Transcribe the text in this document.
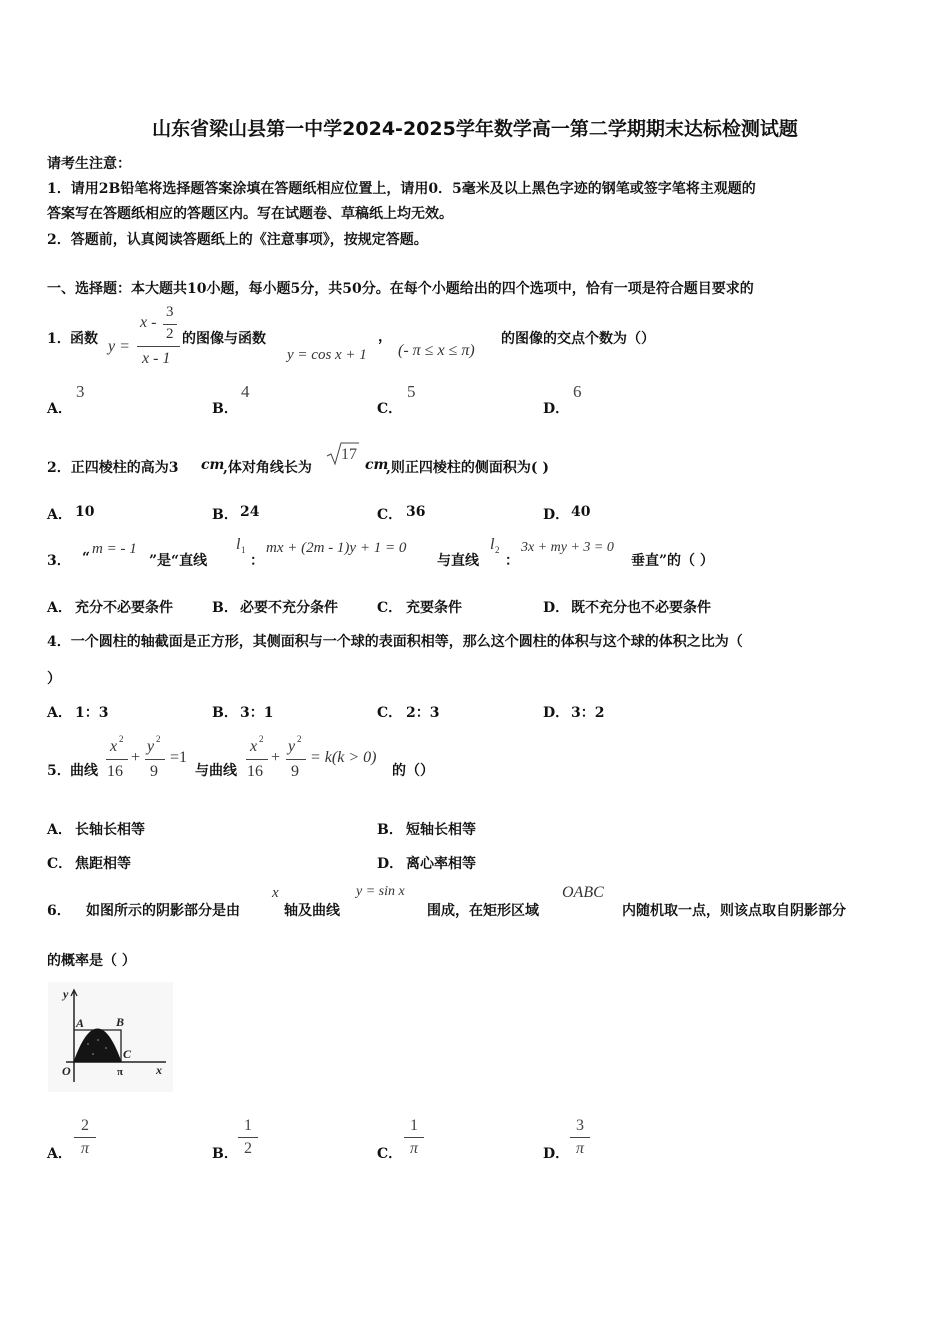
山东省梁山县第一中学2024-2025学年数学高一第二学期期末达标检测试题
请考生注意：
1．请用2B铅笔将选择题答案涂填在答题纸相应位置上，请用0．5毫米及以上黑色字迹的钢笔或签字笔将主观题的
答案写在答题纸相应的答题区内。写在试题卷、草稿纸上均无效。
2．答题前，认真阅读答题纸上的《注意事项》，按规定答题。
一、选择题：本大题共10小题，每小题5分，共50分。在每个小题给出的四个选项中，恰有一项是符合题目要求的
1． 函数 y =
x -
3
2
x - 1
的图像与函数
y = cos x + 1
，
(- π ≤ x ≤ π)
的图像的交点个数为（）
A．
3
B．
4
C．
5
D．
6
2．正四棱柱的高为3 cm
,体对角线长为
17
cm
,则正四棱柱的侧面积为( )
A． 10	B． 24	C． 36	D． 40
3． “
m = - 1
”是“直线
l 1
：
mx + (2m - 1)y + 1 = 0
与直线
l 2
：
3x + my + 3 = 0
垂直”的（ ）
A． 充分不必要条件	B． 必要不充分条件	C． 充要条件	D． 既不充分也不必要条件
4．一个圆柱的轴截面是正方形，其侧面积与一个球的表面积相等，那么这个圆柱的体积与这个球的体积之比为（
）
A． 1：3	B． 3：1	C． 2：3	D． 3：2
5． 曲线
x 2
16
+
y 2
9
=1
与曲线
x 2
16
+
y 2
9
= k(k > 0)
的（）
A． 长轴长相等	B． 短轴长相等
C． 焦距相等	D． 离心率相等
6． 如图所示的阴影部分是由
x
轴及曲线
y = sin x
围成，在矩形区域
OABC
内随机取一点，则该点取自阴影部分
的概率是（ ）
y
x
O
A	B
C
π
A．
2
π	B．
1
2	C．
1
π	D．
3
π
